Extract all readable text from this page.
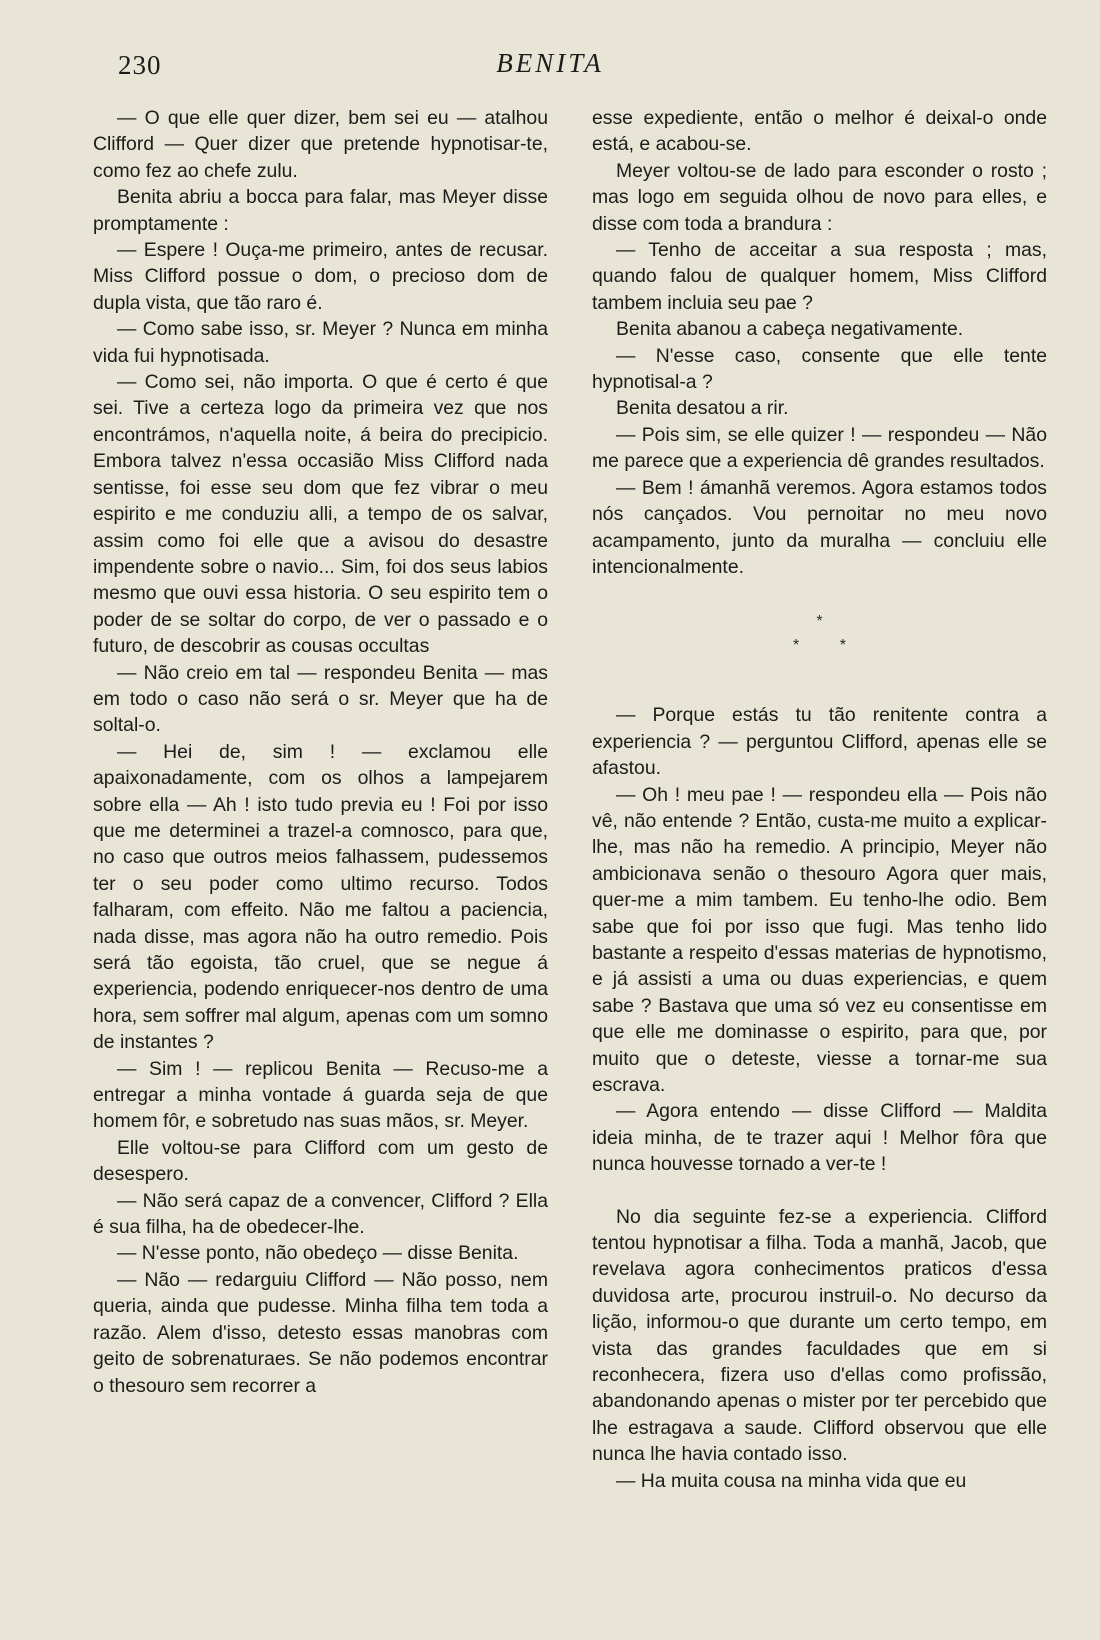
230	BENITA

— O que elle quer dizer, bem sei eu — atalhou Clifford — Quer dizer que pretende hypnotisar-te, como fez ao chefe zulu.

Benita abriu a bocca para falar, mas Meyer disse promptamente :

— Espere ! Ouça-me primeiro, antes de recusar. Miss Clifford possue o dom, o precioso dom de dupla vista, que tão raro é.

— Como sabe isso, sr. Meyer ? Nunca em minha vida fui hypnotisada.

— Como sei, não importa. O que é certo é que sei. Tive a certeza logo da primeira vez que nos encontrámos, n'aquella noite, á beira do precipicio. Embora talvez n'essa occasião Miss Clifford nada sentisse, foi esse seu dom que fez vibrar o meu espirito e me conduziu alli, a tempo de os salvar, assim como foi elle que a avisou do desastre impendente sobre o navio... Sim, foi dos seus labios mesmo que ouvi essa historia. O seu espirito tem o poder de se soltar do corpo, de ver o passado e o futuro, de descobrir as cousas occultas

— Não creio em tal — respondeu Benita — mas em todo o caso não será o sr. Meyer que ha de soltal-o.

— Hei de, sim ! — exclamou elle apaixonadamente, com os olhos a lampejarem sobre ella — Ah ! isto tudo previa eu ! Foi por isso que me determinei a trazel-a comnosco, para que, no caso que outros meios falhassem, pudessemos ter o seu poder como ultimo recurso. Todos falharam, com effeito. Não me faltou a paciencia, nada disse, mas agora não ha outro remedio. Pois será tão egoista, tão cruel, que se negue á experiencia, podendo enriquecer-nos dentro de uma hora, sem soffrer mal algum, apenas com um somno de instantes ?

— Sim ! — replicou Benita — Recuso-me a entregar a minha vontade á guarda seja de que homem fôr, e sobretudo nas suas mãos, sr. Meyer.

Elle voltou-se para Clifford com um gesto de desespero.

— Não será capaz de a convencer, Clifford ? Ella é sua filha, ha de obedecer-lhe.

— N'esse ponto, não obedeço — disse Benita.

— Não — redarguiu Clifford — Não posso, nem queria, ainda que pudesse. Minha filha tem toda a razão. Alem d'isso, detesto essas manobras com geito de sobrenaturaes. Se não podemos encontrar o thesouro sem recorrer a

esse expediente, então o melhor é deixal-o onde está, e acabou-se.

Meyer voltou-se de lado para esconder o rosto ; mas logo em seguida olhou de novo para elles, e disse com toda a brandura :

— Tenho de acceitar a sua resposta ; mas, quando falou de qualquer homem, Miss Clifford tambem incluia seu pae ?

Benita abanou a cabeça negativamente.

— N'esse caso, consente que elle tente hypnotisal-a ?

Benita desatou a rir.

— Pois sim, se elle quizer ! — respondeu — Não me parece que a experiencia dê grandes resultados.

— Bem ! ámanhã veremos. Agora estamos todos nós cançados. Vou pernoitar no meu novo acampamento, junto da muralha — concluiu elle intencionalmente.

*
*	*

— Porque estás tu tão renitente contra a experiencia ? — perguntou Clifford, apenas elle se afastou.

— Oh ! meu pae ! — respondeu ella — Pois não vê, não entende ? Então, custa-me muito a explicar-lhe, mas não ha remedio. A principio, Meyer não ambicionava senão o thesouro Agora quer mais, quer-me a mim tambem. Eu tenho-lhe odio. Bem sabe que foi por isso que fugi. Mas tenho lido bastante a respeito d'essas materias de hypnotismo, e já assisti a uma ou duas experiencias, e quem sabe ? Bastava que uma só vez eu consentisse em que elle me dominasse o espirito, para que, por muito que o deteste, viesse a tornar-me sua escrava.

— Agora entendo — disse Clifford — Maldita ideia minha, de te trazer aqui ! Melhor fôra que nunca houvesse tornado a ver-te !

No dia seguinte fez-se a experiencia. Clifford tentou hypnotisar a filha. Toda a manhã, Jacob, que revelava agora conhecimentos praticos d'essa duvidosa arte, procurou instruil-o. No decurso da lição, informou-o que durante um certo tempo, em vista das grandes faculdades que em si reconhecera, fizera uso d'ellas como profissão, abandonando apenas o mister por ter percebido que lhe estragava a saude. Clifford observou que elle nunca lhe havia contado isso.

— Ha muita cousa na minha vida que eu
